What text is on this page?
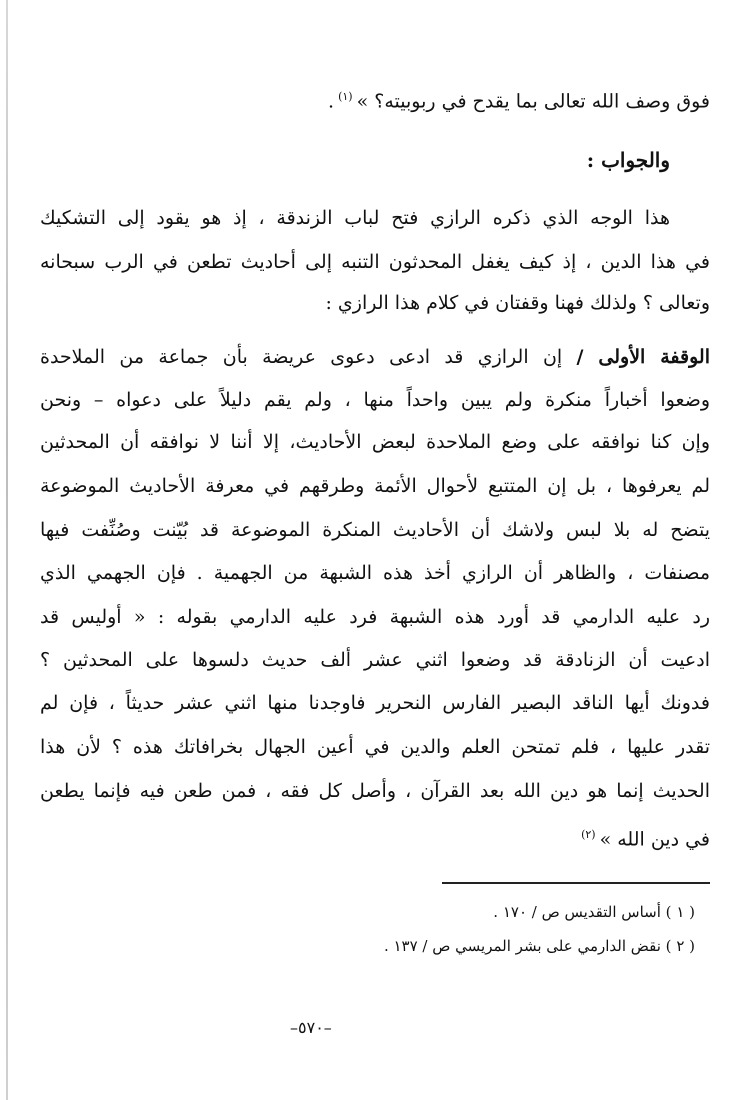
فوق وصف الله تعالى بما يقدح في ربوبيته؟ »$^{(١)}$.
والجواب :
هذا الوجه الذي ذكره الرازي فتح لباب الزندقة ، إذ هو يقود إلى التشكيك
في هذا الدين ، إذ كيف يغفل المحدثون التنبه إلى أحاديث تطعن في الرب سبحانه
وتعالى ؟ ولذلك فهنا وقفتان في كلام هذا الرازي :
الوقفة الأولى / إن الرازي قد ادعى دعوى عريضة بأن جماعة من الملاحدة
وضعوا أخباراً منكرة ولم يبين واحداً منها ، ولم يقم دليلاً على دعواه – ونحن
وإن كنا نوافقه على وضع الملاحدة لبعض الأحاديث، إلا أننا لا نوافقه أن المحدثين
لم يعرفوها ، بل إن المتتبع لأحوال الأئمة وطرقهم في معرفة الأحاديث الموضوعة
يتضح له بلا لبس ولاشك أن الأحاديث المنكرة الموضوعة قد بُيّنت وصُنِّفت فيها
مصنفات ، والظاهر أن الرازي أخذ هذه الشبهة من الجهمية . فإن الجهمي الذي
رد عليه الدارمي قد أورد هذه الشبهة فرد عليه الدارمي بقوله : « أوليس قد
ادعيت أن الزنادقة قد وضعوا اثني عشر ألف حديث دلسوها على المحدثين ؟
فدونك أيها الناقد البصير الفارس النحرير فاوجدنا منها اثني عشر حديثاً ، فإن لم
تقدر عليها ، فلم تمتحن العلم والدين في أعين الجهال بخرافاتك هذه ؟ لأن هذا
الحديث إنما هو دين الله بعد القرآن ، وأصل كل فقه ، فمن طعن فيه فإنما يطعن
في دين الله »$^{(٢)}$
( ١ ) أساس التقديس ص / ١٧٠ .
( ٢ ) نقض الدارمي على بشر المريسي ص / ١٣٧ .
–٥٧٠–
